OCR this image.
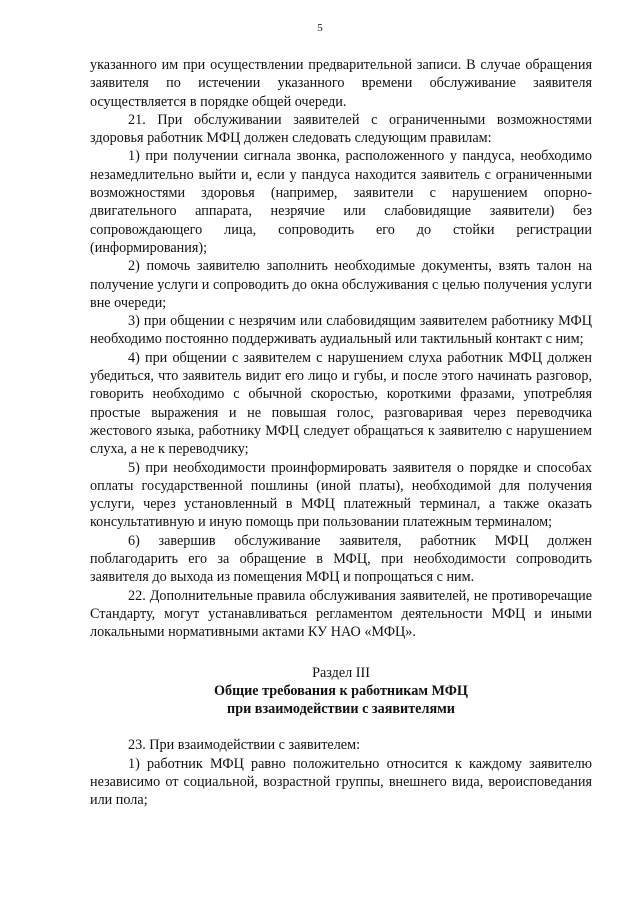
5

указанного им при осуществлении предварительной записи. В случае обращения заявителя по истечении указанного времени обслуживание заявителя осуществляется в порядке общей очереди.

21. При обслуживании заявителей с ограниченными возможностями здоровья работник МФЦ должен следовать следующим правилам:

1) при получении сигнала звонка, расположенного у пандуса, необходимо незамедлительно выйти и, если у пандуса находится заявитель с ограниченными возможностями здоровья (например, заявители с нарушением опорно-двигательного аппарата, незрячие или слабовидящие заявители) без сопровождающего лица, сопроводить его до стойки регистрации (информирования);

2) помочь заявителю заполнить необходимые документы, взять талон на получение услуги и сопроводить до окна обслуживания с целью получения услуги вне очереди;

3) при общении с незрячим или слабовидящим заявителем работнику МФЦ необходимо постоянно поддерживать аудиальный или тактильный контакт с ним;

4) при общении с заявителем с нарушением слуха работник МФЦ должен убедиться, что заявитель видит его лицо и губы, и после этого начинать разговор, говорить необходимо с обычной скоростью, короткими фразами, употребляя простые выражения и не повышая голос, разговаривая через переводчика жестового языка, работнику МФЦ следует обращаться к заявителю с нарушением слуха, а не к переводчику;

5) при необходимости проинформировать заявителя о порядке и способах оплаты государственной пошлины (иной платы), необходимой для получения услуги, через установленный в МФЦ платежный терминал, а также оказать консультативную и иную помощь при пользовании платежным терминалом;

6) завершив обслуживание заявителя, работник МФЦ должен поблагодарить его за обращение в МФЦ, при необходимости сопроводить заявителя до выхода из помещения МФЦ и попрощаться с ним.

22. Дополнительные правила обслуживания заявителей, не противоречащие Стандарту, могут устанавливаться регламентом деятельности МФЦ и иными локальными нормативными актами КУ НАО «МФЦ».

Раздел III
Общие требования к работникам МФЦ
при взаимодействии с заявителями

23. При взаимодействии с заявителем:

1) работник МФЦ равно положительно относится к каждому заявителю независимо от социальной, возрастной группы, внешнего вида, вероисповедания или пола;
